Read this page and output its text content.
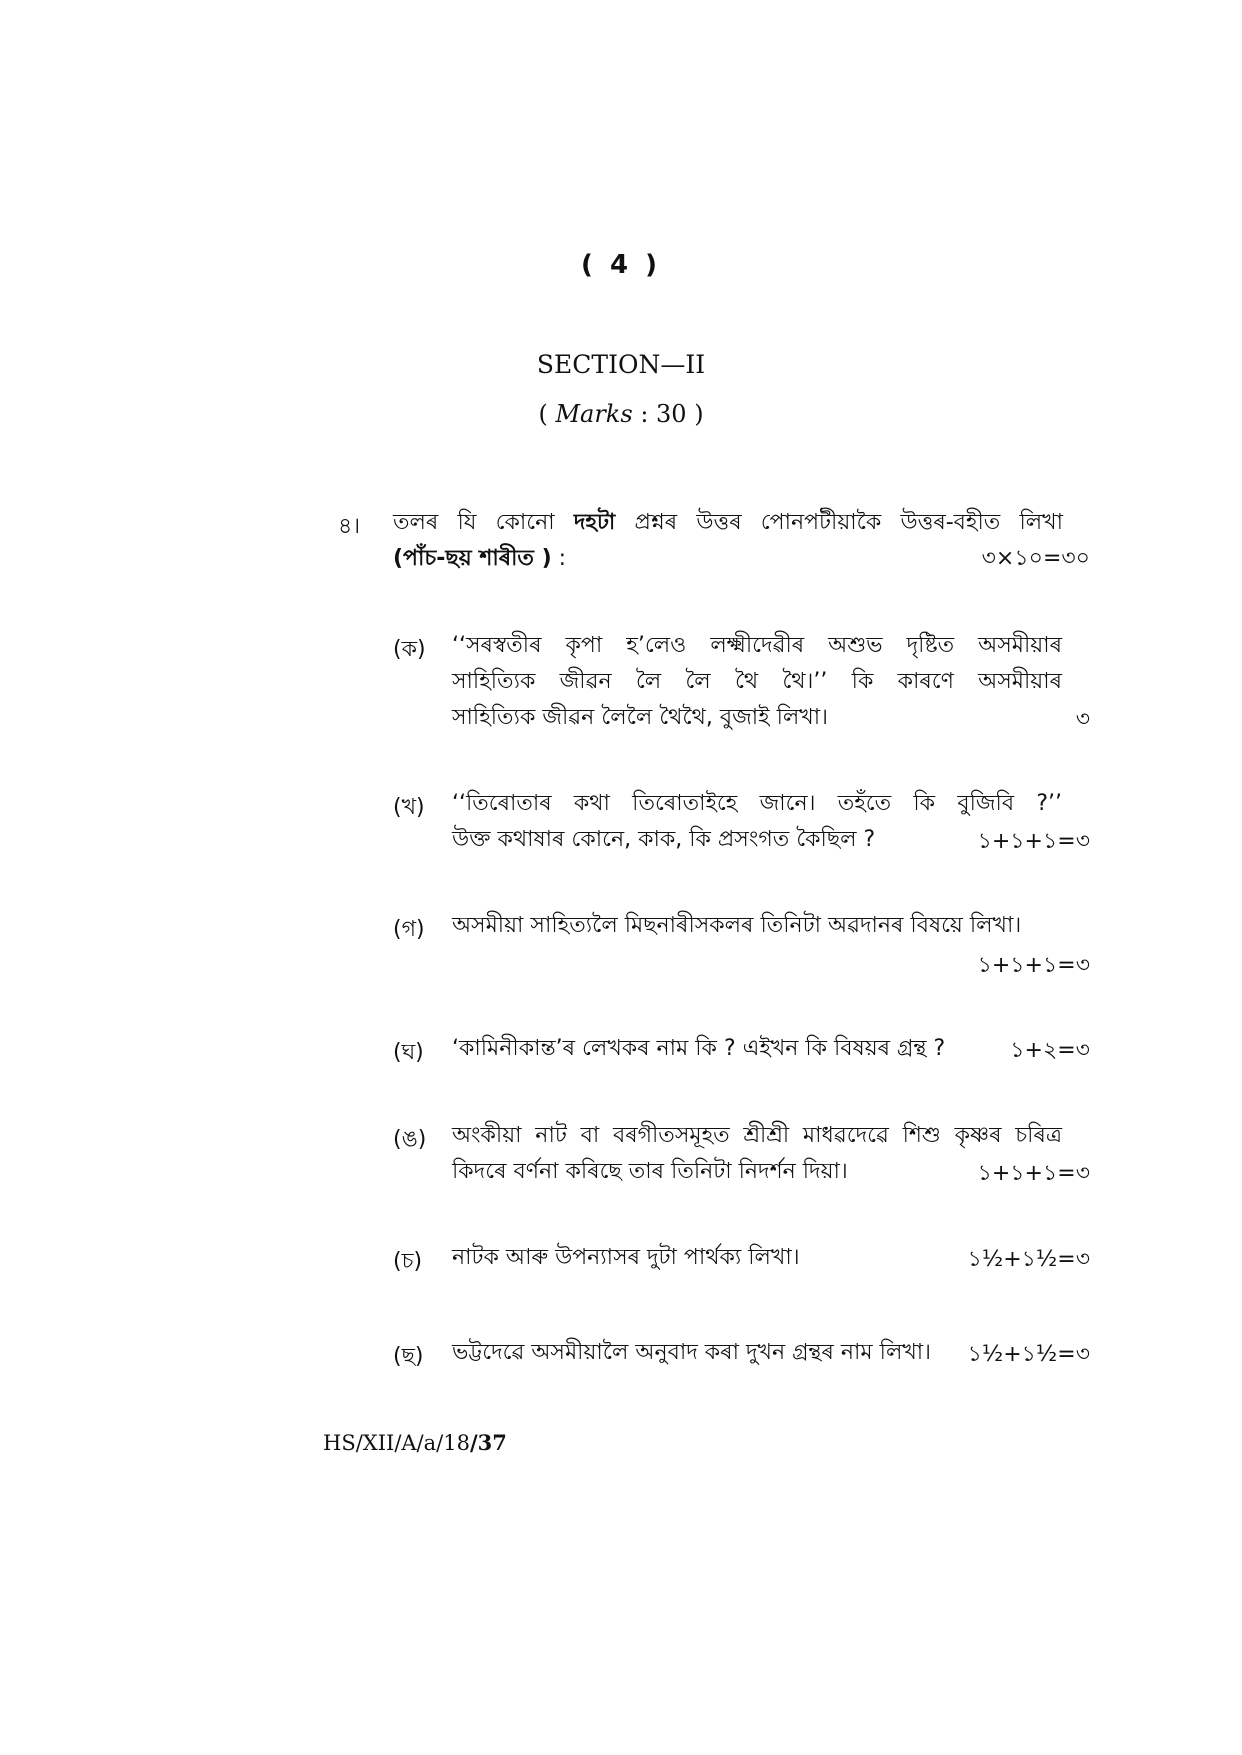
( 4 )
SECTION—II
( Marks : 30 )
৪। তলৰ যি কোনো দহটা প্ৰশ্নৰ উত্তৰ পোনপটীয়াকৈ উত্তৰ-বহীত লিখা
(পাঁচ-ছয় শাৰীত ) :	৩×১০=৩০
(ক) ‘‘সৰস্বতীৰ কৃপা হ’লেও লক্ষ্মীদেৱীৰ অশুভ দৃষ্টিত অসমীয়াৰ
সাহিত্যিক জীৱন লৈ লৈ থৈ থৈ।’’ কি কাৰণে অসমীয়াৰ
সাহিত্যিক জীৱন লৈলৈ থৈথৈ, বুজাই লিখা।	৩
(খ) ‘‘তিৰোতাৰ কথা তিৰোতাইহে জানে। তহঁতে কি বুজিবি ?’’
উক্ত কথাষাৰ কোনে, কাক, কি প্ৰসংগত কৈছিল ?	১+১+১=৩
(গ) অসমীয়া সাহিত্যলৈ মিছনাৰীসকলৰ তিনিটা অৱদানৰ বিষয়ে লিখা।
১+১+১=৩
(ঘ) ‘কামিনীকান্ত’ৰ লেখকৰ নাম কি ? এইখন কি বিষয়ৰ গ্ৰন্থ ?	১+২=৩
(ঙ) অংকীয়া নাট বা বৰগীতসমূহত শ্ৰীশ্ৰী মাধৱদেৱে শিশু কৃষ্ণৰ চৰিত্ৰ
কিদৰে বৰ্ণনা কৰিছে তাৰ তিনিটা নিদৰ্শন দিয়া।	১+১+১=৩
(চ) নাটক আৰু উপন্যাসৰ দুটা পাৰ্থক্য লিখা।	১½+১½=৩
(ছ) ভট্টদেৱে অসমীয়ালৈ অনুবাদ কৰা দুখন গ্ৰন্থৰ নাম লিখা।	১½+১½=৩
HS/XII/A/a/18/37
